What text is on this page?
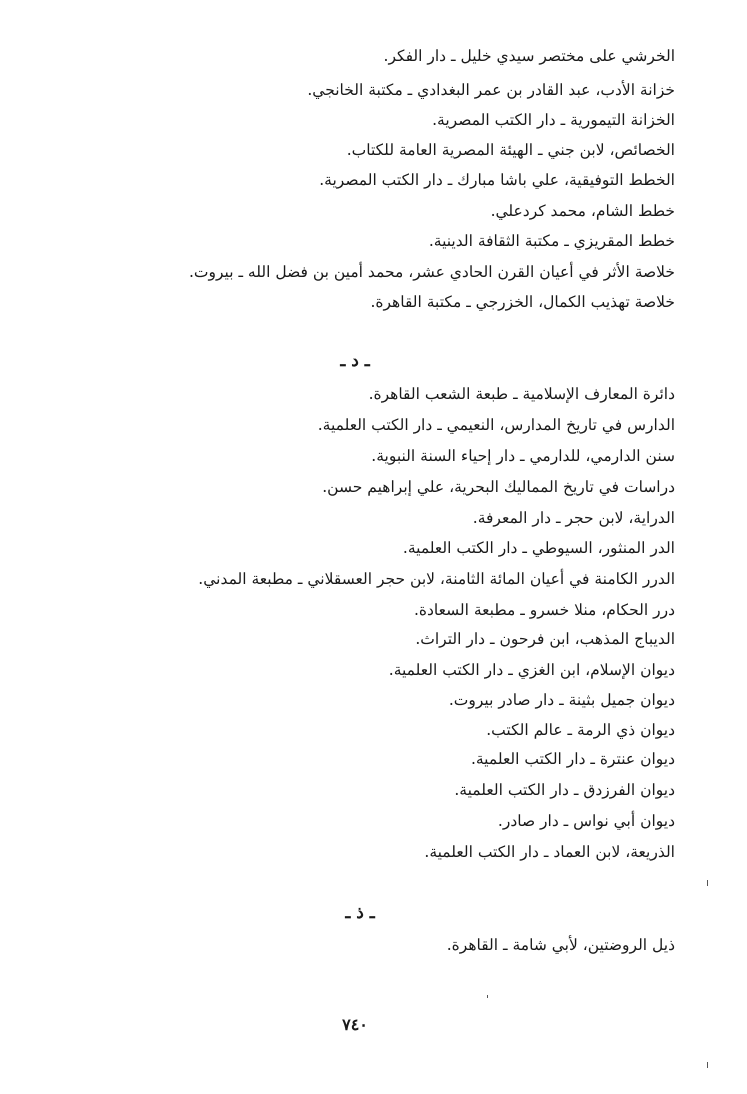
الخرشي على مختصر سيدي خليل ـ دار الفكر.
خزانة الأدب، عبد القادر بن عمر البغدادي ـ مكتبة الخانجي.
الخزانة التيمورية ـ دار الكتب المصرية.
الخصائص، لابن جني ـ الهيئة المصرية العامة للكتاب.
الخطط التوفيقية، علي باشا مبارك ـ دار الكتب المصرية.
خطط الشام، محمد كردعلي.
خطط المقريزي ـ مكتبة الثقافة الدينية.
خلاصة الأثر في أعيان القرن الحادي عشر، محمد أمين بن فضل الله ـ بيروت.
خلاصة تهذيب الكمال، الخزرجي ـ مكتبة القاهرة.
ـ د ـ
دائرة المعارف الإسلامية ـ طبعة الشعب القاهرة.
الدارس في تاريخ المدارس، النعيمي ـ دار الكتب العلمية.
سنن الدارمي، للدارمي ـ دار إحياء السنة النبوية.
دراسات في تاريخ المماليك البحرية، علي إبراهيم حسن.
الدراية، لابن حجر ـ دار المعرفة.
الدر المنثور، السيوطي ـ دار الكتب العلمية.
الدرر الكامنة في أعيان المائة الثامنة، لابن حجر العسقلاني ـ مطبعة المدني.
درر الحكام، منلا خسرو ـ مطبعة السعادة.
الديباج المذهب، ابن فرحون ـ دار التراث.
ديوان الإسلام، ابن الغزي ـ دار الكتب العلمية.
ديوان جميل بثينة ـ دار صادر بيروت.
ديوان ذي الرمة ـ عالم الكتب.
ديوان عنترة ـ دار الكتب العلمية.
ديوان الفرزدق ـ دار الكتب العلمية.
ديوان أبي نواس ـ دار صادر.
الذريعة، لابن العماد ـ دار الكتب العلمية.
ـ ذ ـ
ذيل الروضتين، لأبي شامة ـ القاهرة.
٧٤٠
